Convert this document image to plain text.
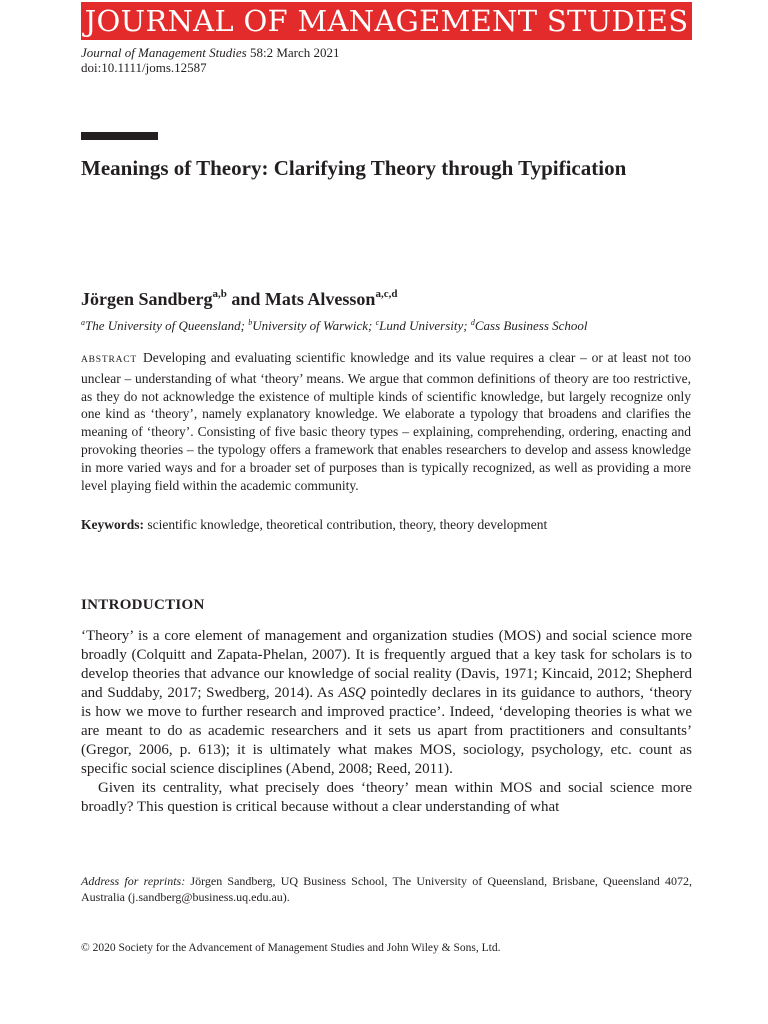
JOURNAL OF MANAGEMENT STUDIES
Journal of Management Studies 58:2 March 2021
doi:10.1111/joms.12587
Meanings of Theory: Clarifying Theory through Typification
Jörgen Sandberg$^{a,b}$ and Mats Alvesson$^{a,c,d}$
$^a$The University of Queensland; $^b$University of Warwick; $^c$Lund University; $^d$Cass Business School

ABSTRACT Developing and evaluating scientific knowledge and its value requires a clear – or at least not too unclear – understanding of what ‘theory’ means. We argue that common definitions of theory are too restrictive, as they do not acknowledge the existence of multiple kinds of scientific knowledge, but largely recognize only one kind as ‘theory’, namely explanatory knowledge. We elaborate a typology that broadens and clarifies the meaning of ‘theory’. Consisting of five basic theory types – explaining, comprehending, ordering, enacting and provoking theories – the typology offers a framework that enables researchers to develop and assess knowledge in more varied ways and for a broader set of purposes than is typically recognized, as well as providing a more level playing field within the academic community.

Keywords: scientific knowledge, theoretical contribution, theory, theory development

INTRODUCTION

‘Theory’ is a core element of management and organization studies (MOS) and social science more broadly (Colquitt and Zapata-Phelan, 2007). It is frequently argued that a key task for scholars is to develop theories that advance our knowledge of social reality (Davis, 1971; Kincaid, 2012; Shepherd and Suddaby, 2017; Swedberg, 2014). As ASQ pointedly declares in its guidance to authors, ‘theory is how we move to further research and improved practice’. Indeed, ‘developing theories is what we are meant to do as academic researchers and it sets us apart from practitioners and consultants’ (Gregor, 2006, p. 613); it is ultimately what makes MOS, sociology, psychology, etc. count as specific social science disciplines (Abend, 2008; Reed, 2011).

Given its centrality, what precisely does ‘theory’ mean within MOS and social science more broadly? This question is critical because without a clear understanding of what

Address for reprints: Jörgen Sandberg, UQ Business School, The University of Queensland, Brisbane, Queensland 4072, Australia (j.sandberg@business.uq.edu.au).
© 2020 Society for the Advancement of Management Studies and John Wiley & Sons, Ltd.
